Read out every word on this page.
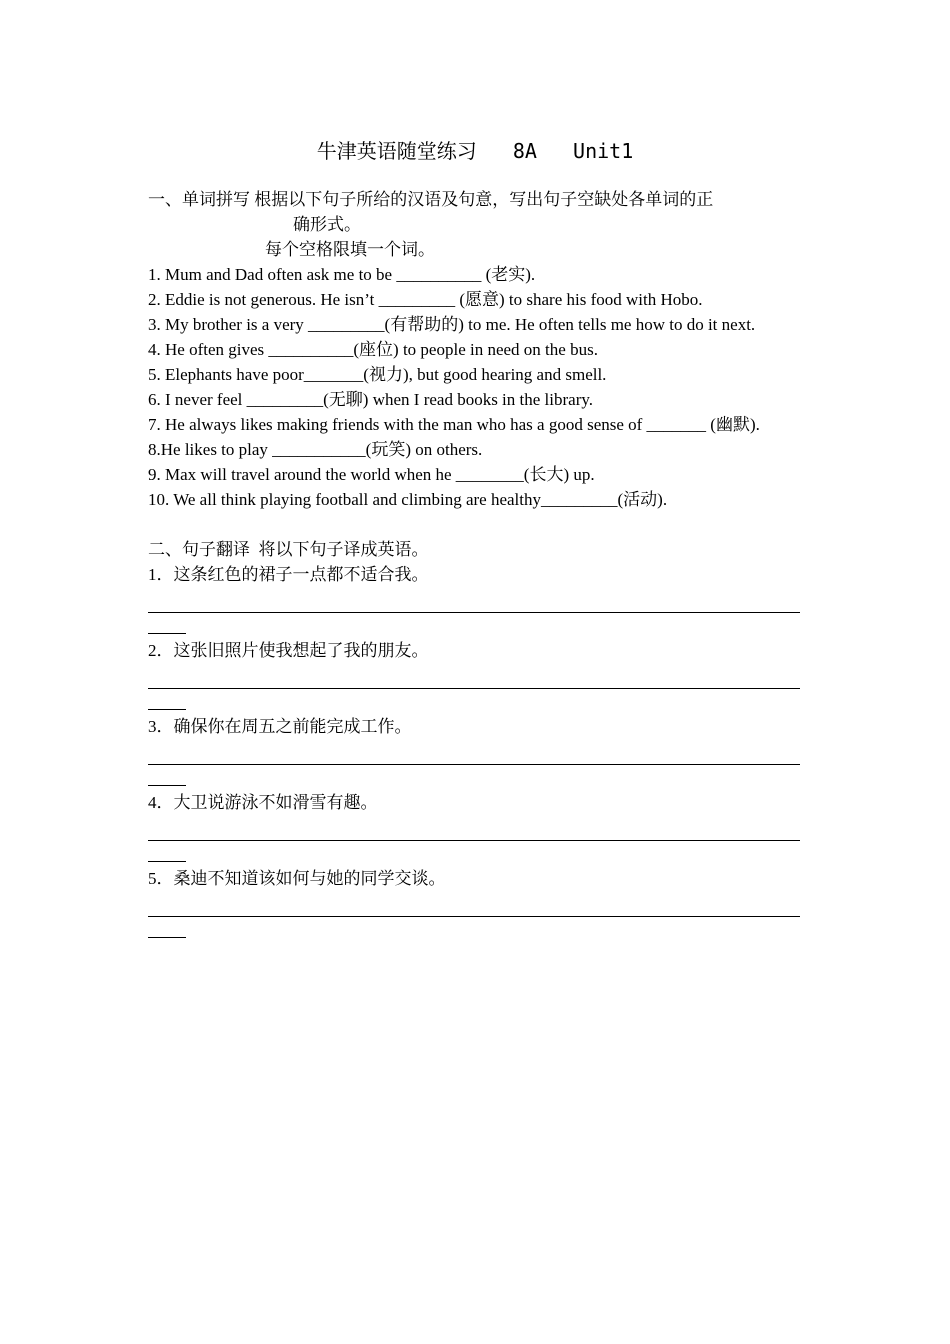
牛津英语随堂练习   8A   Unit1
一、单词拼写 根据以下句子所给的汉语及句意，写出句子空缺处各单词的正
确形式。
每个空格限填一个词。
1. Mum and Dad often ask me to be __________ (老实).
2. Eddie is not generous. He isn’t _________ (愿意) to share his food with Hobo.
3. My brother is a very _________(有帮助的) to me. He often tells me how to do it next.
4. He often gives __________(座位) to people in need on the bus.
5. Elephants have poor_______(视力), but good hearing and smell.
6. I never feel _________(无聊) when I read books in the library.
7. He always likes making friends with the man who has a good sense of _______ (幽默).
8.He likes to play ___________(玩笑) on others.
9. Max will travel around the world when he ________(长大) up.
10. We all think playing football and climbing are healthy_________(活动).
二、句子翻译  将以下句子译成英语。
1．这条红色的裙子一点都不适合我。
2．这张旧照片使我想起了我的朋友。
3．确保你在周五之前能完成工作。
4．大卫说游泳不如滑雪有趣。
5．桑迪不知道该如何与她的同学交谈。
